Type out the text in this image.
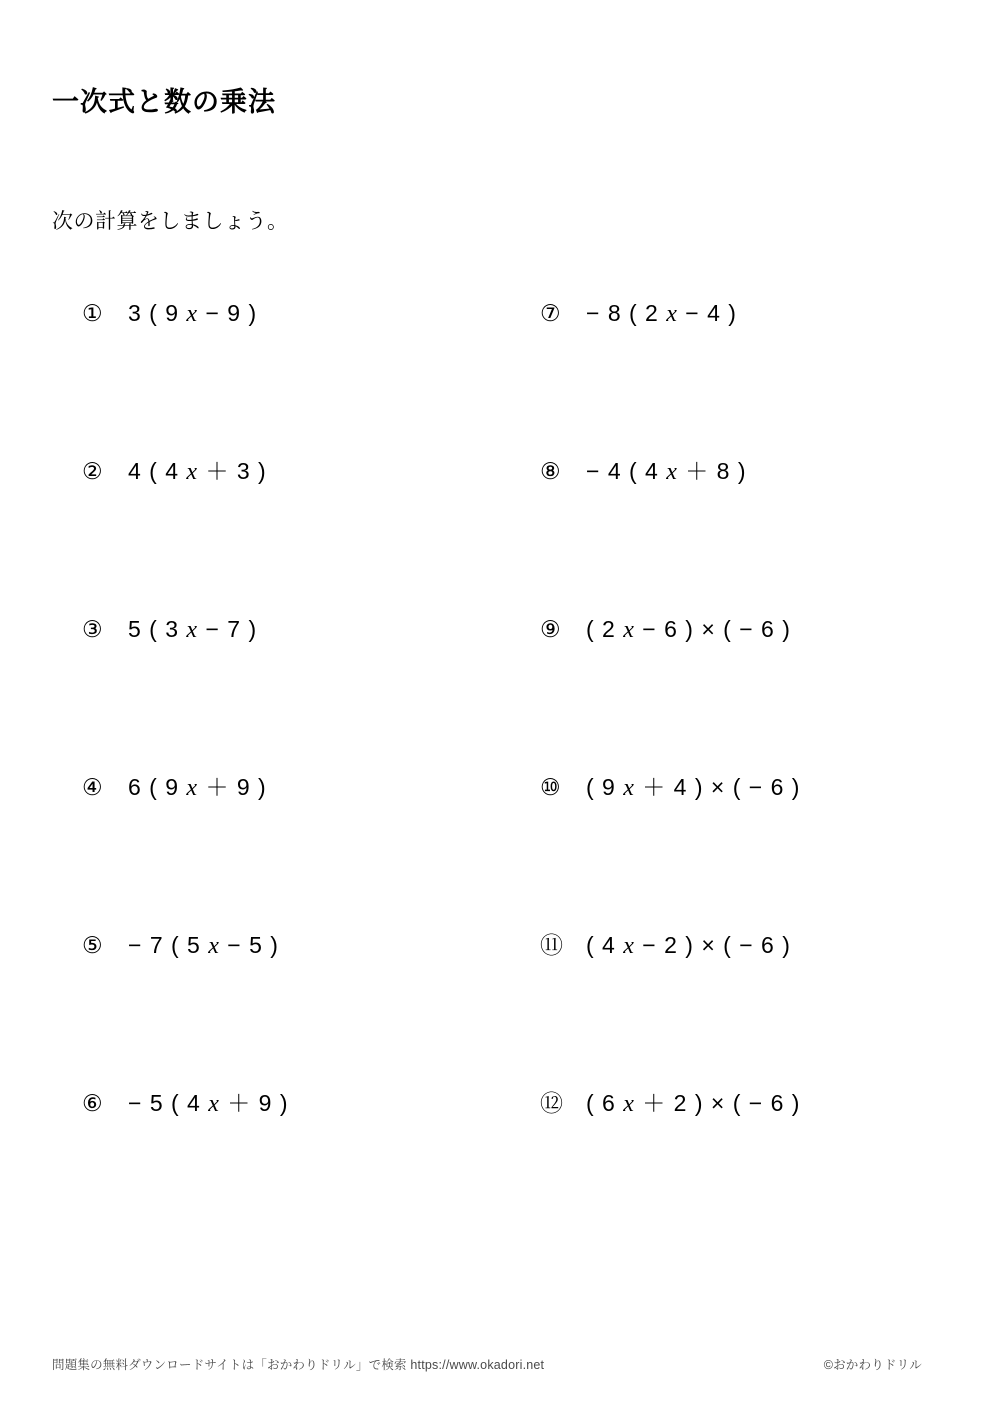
一次式と数の乗法
次の計算をしましょう。
①	3 ( 9 x − 9 )
②	4 ( 4 x ＋ 3 )
③	5 ( 3 x − 7 )
④	6 ( 9 x ＋ 9 )
⑤	− 7 ( 5 x − 5 )
⑥	− 5 ( 4 x ＋ 9 )
⑦	− 8 ( 2 x − 4 )
⑧	− 4 ( 4 x ＋ 8 )
⑨	( 2 x − 6 ) × ( − 6 )
⑩	( 9 x ＋ 4 ) × ( − 6 )
⑪	( 4 x − 2 ) × ( − 6 )
⑫	( 6 x ＋ 2 ) × ( − 6 )
問題集の無料ダウンロードサイトは「おかわりドリル」で検索 https://www.okadori.net	©おかわりドリル
